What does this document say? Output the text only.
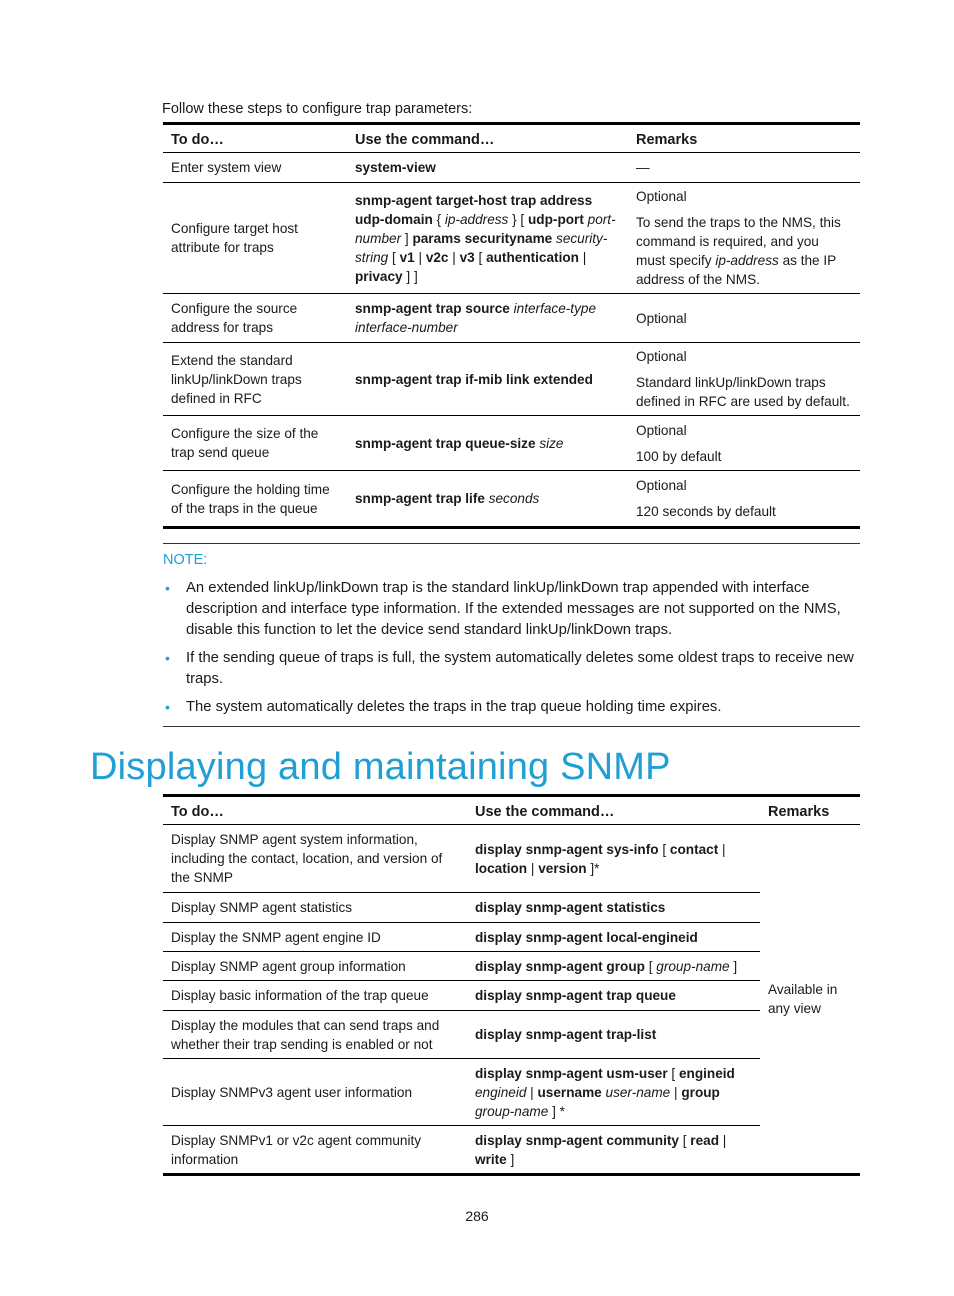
Follow these steps to configure trap parameters:
To do…	Use the command…	Remarks
Enter system view	system-view	—

Configure target host attribute for traps	snmp-agent target-host trap address udp-domain { ip-address } [ udp-port port-number ] params securityname security-string [ v1 | v2c | v3 [ authentication | privacy ] ]	Optional

To send the traps to the NMS, this command is required, and you must specify ip-address as the IP address of the NMS.

Configure the source address for traps	snmp-agent trap source interface-type interface-number	Optional

Extend the standard linkUp/linkDown traps defined in RFC	snmp-agent trap if-mib link extended	Optional

Standard linkUp/linkDown traps defined in RFC are used by default.

Configure the size of the trap send queue	snmp-agent trap queue-size size	Optional

100 by default

Configure the holding time of the traps in the queue	snmp-agent trap life seconds	Optional

120 seconds by default

NOTE:
• An extended linkUp/linkDown trap is the standard linkUp/linkDown trap appended with interface description and interface type information. If the extended messages are not supported on the NMS, disable this function to let the device send standard linkUp/linkDown traps.
• If the sending queue of traps is full, the system automatically deletes some oldest traps to receive new traps.
• The system automatically deletes the traps in the trap queue holding time expires.
Displaying and maintaining SNMP
To do…	Use the command…	Remarks
Display SNMP agent system information, including the contact, location, and version of the SNMP	display snmp-agent sys-info [ contact | location | version ]*	Available in any view
Display SNMP agent statistics	display snmp-agent statistics	
Display the SNMP agent engine ID	display snmp-agent local-engineid	
Display SNMP agent group information	display snmp-agent group [ group-name ]	
Display basic information of the trap queue	display snmp-agent trap queue	
Display the modules that can send traps and whether their trap sending is enabled or not	display snmp-agent trap-list	
Display SNMPv3 agent user information	display snmp-agent usm-user [ engineid engineid | username user-name | group group-name ] *	
Display SNMPv1 or v2c agent community information	display snmp-agent community [ read | write ]	
286
